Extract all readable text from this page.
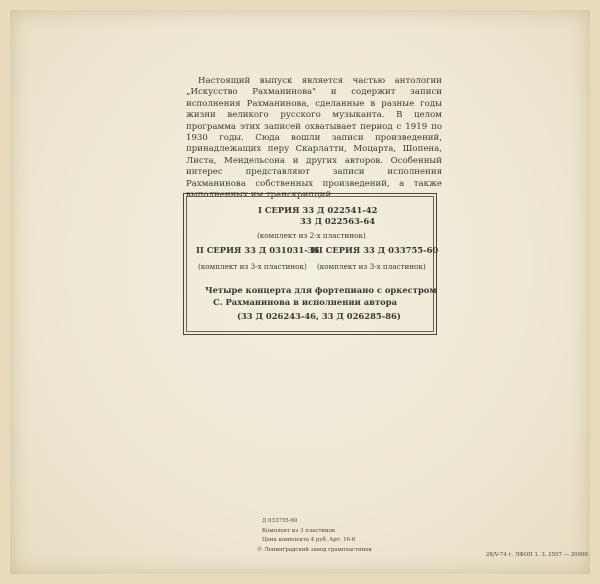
Настоящий выпуск является частью антологии „Искусство Рахманинова" и содержит записи исполнения Рахманинова, сделанные в разные годы жизни великого русского музыканта. В целом программа этих записей охватывает период с 1919 по 1930 годы. Сюда вошли записи произведений, принадлежащих перу Скарлатти, Моцарта, Шопена, Листа, Мендельсона и других авторов. Особенный интерес представляют записи исполнения Рахманинова собственных произведений, а также выполненных им транскрипций.

I СЕРИЯ 33 Д 022541-42
33 Д 022563-64
(комплект из 2-х пластинок)
II СЕРИЯ 33 Д 031031-36
III СЕРИЯ 33 Д 033755-60
(комплект из 3-х пластинок) (комплект из 3-х пластинок)
Четыре концерта для фортепиано с оркестром
С. Рахманинова в исполнении автора
(33 Д 026243-46, 33 Д 026285-86)
Д 033755-60
Комплект из 3 пластинок
Цена комплекта 4 руб. Арт. 16-6
© Ленинградский завод грампластинок
28/V-74 г. ЛФОП 1. З. 2557 — 20000.
